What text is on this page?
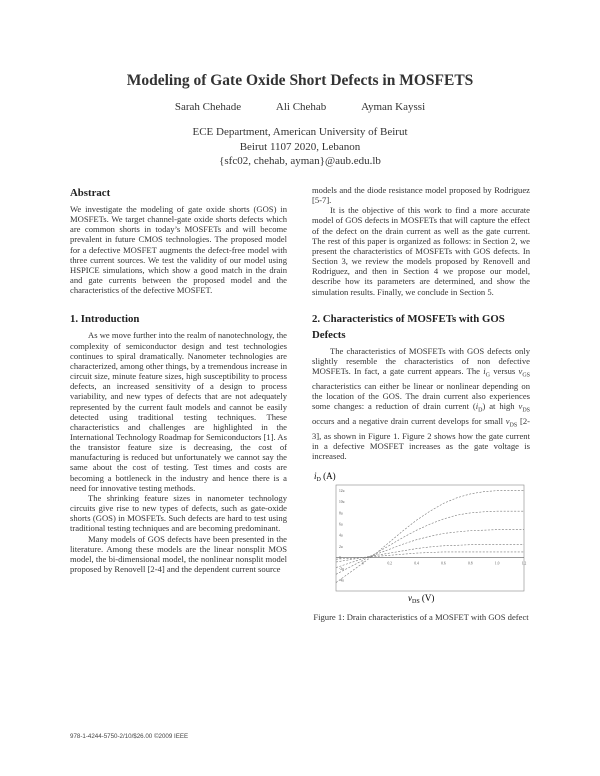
Modeling of Gate Oxide Short Defects in MOSFETS
Sarah Chehade	Ali Chehab	Ayman Kayssi
ECE Department, American University of Beirut
Beirut 1107 2020, Lebanon
{sfc02, chehab, ayman}@aub.edu.lb
Abstract

We investigate the modeling of gate oxide shorts (GOS) in MOSFETs. We target channel-gate oxide shorts defects which are common shorts in today’s MOSFETs and will become prevalent in future CMOS technologies. The proposed model for a defective MOSFET augments the defect-free model with three current sources. We test the validity of our model using HSPICE simulations, which show a good match in the drain and gate currents between the proposed model and the characteristics of the defective MOSFET.

1. Introduction

As we move further into the realm of nanotechnology, the complexity of semiconductor design and test technologies continues to spiral dramatically. Nanometer technologies are characterized, among other things, by a tremendous increase in circuit size, minute feature sizes, high susceptibility to process defects, an increased sensitivity of a design to process variability, and new types of defects that are not adequately represented by the current fault models and cannot be easily detected using traditional testing techniques. These characteristics and challenges are highlighted in the International Technology Roadmap for Semiconductors [1]. As the transistor feature size is decreasing, the cost of manufacturing is reduced but unfortunately we cannot say the same about the cost of testing. Test times and costs are becoming a bottleneck in the industry and hence there is a need for innovative testing methods.

The shrinking feature sizes in nanometer technology circuits give rise to new types of defects, such as gate-oxide shorts (GOS) in MOSFETs. Such defects are hard to test using traditional testing techniques and are becoming predominant.

Many models of GOS defects have been presented in the literature. Among these models are the linear nonsplit MOS model, the bi-dimensional model, the nonlinear nonsplit model proposed by Renovell [2-4] and the dependent current source

models and the diode resistance model proposed by Rodriguez [5-7].

It is the objective of this work to find a more accurate model of GOS defects in MOSFETs that will capture the effect of the defect on the drain current as well as the gate current. The rest of this paper is organized as follows: in Section 2, we present the characteristics of MOSFETs with GOS defects. In Section 3, we review the models proposed by Renovell and Rodriguez, and then in Section 4 we propose our model, describe how its parameters are determined, and show the simulation results. Finally, we conclude in Section 5.

2. Characteristics of MOSFETs with GOS Defects

The characteristics of MOSFETs with GOS defects only slightly resemble the characteristics of non defective MOSFETs. In fact, a gate current appears. The $i_G$ versus $v_{GS}$ characteristics can either be linear or nonlinear depending on the location of the GOS. The drain current also experiences some changes: a reduction of drain current $(i_D)$ at high $v_{DS}$ occurs and a negative drain current develops for small $v_{DS}$ [2-3], as shown in Figure 1. Figure 2 shows how the gate current in a defective MOSFET increases as the gate voltage is increased.

$i_D$ (A)
0	0.2	0.4	0.6	0.8	1.0	1.2
12u
10u
8u
6u
4u
2u
0
-2u
-4u
$v_{DS}$ (V)
Figure 1: Drain characteristics of a MOSFET with GOS defect
978-1-4244-5750-2/10/$26.00 ©2009 IEEE
